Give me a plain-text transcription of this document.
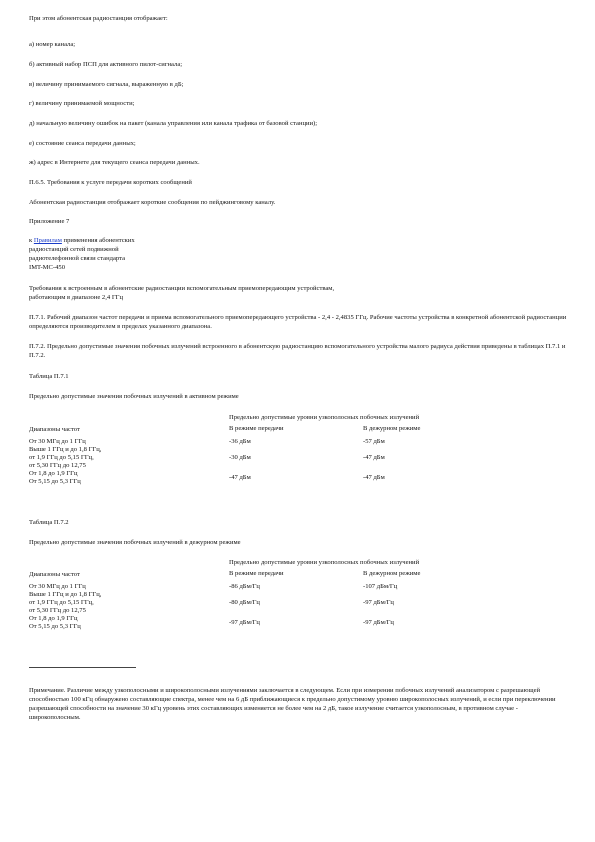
При этом абонентская радиостанция отображает:

а) номер канала;

б) активный набор ПСП для активного пилот-сигнала;

в) величину принимаемого сигнала, выраженную в дБ;

г) величину принимаемой мощности;

д) начальную величину ошибок на пакет (канала управления или канала трафика от базовой станции);

е) состояние сеанса передачи данных;

ж) адрес в Интернете для текущего сеанса передачи данных.

П.6.5. Требования к услуге передачи коротких сообщений

Абонентская радиостанция отображает короткие сообщения по пейджинговому каналу.

Приложение 7

к Правилам применения абонентских
радиостанций сетей подвижной
радиотелефонной связи стандарта
IMT-MC-450

Требования к встроенным в абонентские радиостанции вспомогательным приемопередающим устройствам,

работающим в диапазоне 2,4 ГГц

П.7.1. Рабочий диапазон частот передачи и приема вспомогательного приемопередающего устройства - 2,4 - 2,4835 ГГц. Рабочие частоты устройства в конкретной абонентской радиостанции определяются производителем в пределах указанного диапазона.

П.7.2. Предельно допустимые значения побочных излучений встроенного в абонентскую радиостанцию вспомогательного устройства малого радиуса действия приведены в таблицах П.7.1 и П.7.2.

Таблица П.7.1

Предельно допустимые значения побочных излучений в активном режиме

Диапазоны частот	Предельно допустимые уровни узкополосных побочных излучений
В режиме передачи В дежурном режиме	

От 30 МГц до 1 ГГц	-36 дБм	-57 дБм

Выше 1 ГГц и до 1,8 ГГц,
от 1,9 ГГц до 5,15 ГГц,
от 5,30 ГГц до 12,75	-30 дБм	-47 дБм

От 1,8 до 1,9 ГГц
От 5,15 до 5,3 ГГц	-47 дБм	-47 дБм

Таблица П.7.2

Предельно допустимые значения побочных излучений в дежурном режиме

Диапазоны частот	Предельно допустимые уровни узкополосных побочных излучений
В режиме передачи В дежурном режиме	

От 30 МГц до 1 ГГц	-86 дБм/Гц	-107 дБм/Гц

Выше 1 ГГц и до 1,8 ГГц,
от 1,9 ГГц до 5,15 ГГц,
от 5,30 ГГц до 12,75	-80 дБм/Гц	-97 дБм/Гц

От 1,8 до 1,9 ГГц
От 5,15 до 5,3 ГГц	-97 дБм/Гц	-97 дБм/Гц

Примечание. Различие между узкополосными и широкополосными излучениями заключается в следующем. Если при измерении побочных излучений анализатором с разрешающей способностью 100 кГц обнаружено составляющие спектра, менее чем на 6 дБ приближающиеся к предельно допустимому уровню широкополосных излучений, и если при переключении разрешающей способности на значение 30 кГц уровень этих составляющих изменяется не более чем на 2 дБ, такое излучение считается узкополосным, в противном случае - широкополосным.
